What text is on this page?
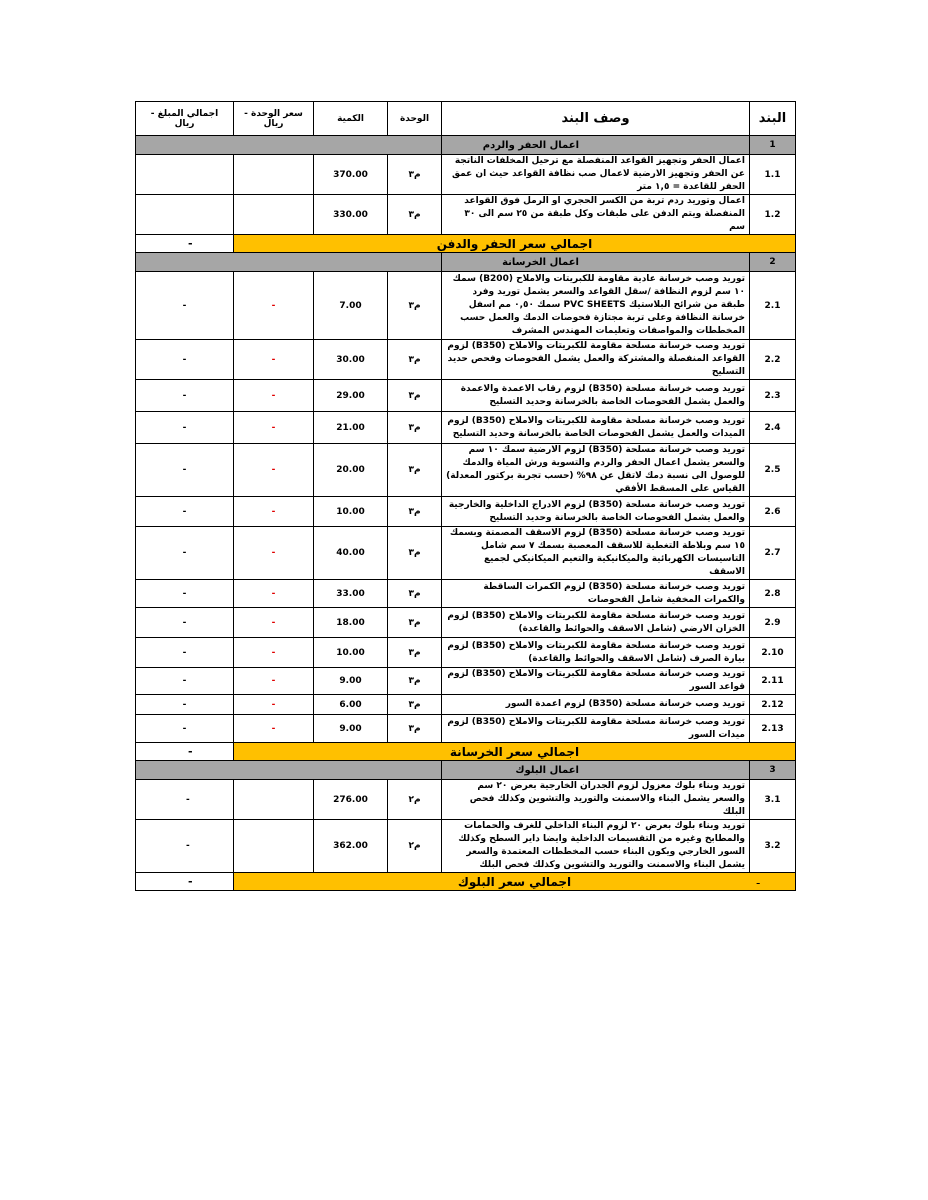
اجمالي المبلغ - ريال	سعر الوحدة - ريال	الكمية	الوحدة	وصف البند	البند
				اعمال الحفر والردم	1
		370.00	م٣	اعمال الحفر وتجهيز القواعد المنفصلة مع ترحيل المخلفات الناتجة عن الحفر وتجهيز الارضية لاعمال صب نظافة القواعد حيث ان عمق الحفر للقاعدة = ١,٥ متر	1.1
		330.00	م٣	اعمال وتوريد ردم تربة من الكسر الحجري او الرمل فوق القواعد المنفصلة ويتم الدفن على طبقات وكل طبقة من ٢٥ سم الى ٣٠ سم	1.2
-	اجمالي سعر الحفر والدفن				
				اعمال الخرسانة	2
-	-	7.00	م٣	توريد وصب خرسانة عادية مقاومة للكبريتات والاملاح (B200) سمك ١٠ سم لزوم النظافة /سقل القواعد والسعر يشمل توريد وفرد طبقة من شرائح البلاستيك PVC SHEETS سمك ٠,٥٠ مم اسفل خرسانة النظافة وعلى تربة مجتازة فحوصات الدمك والعمل حسب المخططات والمواصفات وتعليمات المهندس المشرف	2.1
-	-	30.00	م٣	توريد وصب خرسانة مسلحة مقاومة للكبريتات والاملاح (B350) لزوم القواعد المنفصلة والمشتركة والعمل يشمل الفحوصات وفحص حديد التسليح	2.2
-	-	29.00	م٣	توريد وصب خرسانة مسلحة (B350) لزوم رقاب الاعمدة والاعمدة والعمل يشمل الفحوصات الخاصة بالخرسانة وحديد التسليح	2.3
-	-	21.00	م٣	توريد وصب خرسانة مسلحة مقاومة للكبريتات والاملاح (B350) لزوم الميدات والعمل يشمل الفحوصات الخاصة بالخرسانة وحديد التسليح	2.4
-	-	20.00	م٣	توريد وصب خرسانة مسلحة (B350) لزوم الارضية سمك ١٠ سم والسعر يشمل اعمال الحفر والردم والتسوية ورش المياة والدمك للوصول الى نسبة دمك لاتقل عن ٩٨% (حسب تجربة بركتور المعدلة) القياس على المسقط الأفقي	2.5
-	-	10.00	م٣	توريد وصب خرسانة مسلحة (B350) لزوم الادراج الداخلية والخارجية والعمل يشمل الفحوصات الخاصة بالخرسانة وحديد التسليح	2.6
-	-	40.00	م٣	توريد وصب خرسانة مسلحة (B350) لزوم الاسقف المصمتة وبسمك ١٥ سم وبلاطة التغطية للاسقف المعصبة بسمك ٧ سم شامل التاسيسات الكهربائية والميكانيكية والتعيم الميكانيكي لجميع الاسقف	2.7
-	-	33.00	م٣	توريد وصب خرسانة مسلحة (B350) لزوم الكمرات الساقطة والكمرات المخفية شامل الفحوصات	2.8
-	-	18.00	م٣	توريد وصب خرسانة مسلحة مقاومة للكبريتات والاملاح (B350) لزوم الخزان الارضي (شامل الاسقف والحوائط والقاعدة)	2.9
-	-	10.00	م٣	توريد وصب خرسانة مسلحة مقاومة للكبريتات والاملاح (B350) لزوم بيارة الصرف (شامل الاسقف والحوائط والقاعدة)	2.10
-	-	9.00	م٣	توريد وصب خرسانة مسلحة مقاومة للكبريتات والاملاح (B350) لزوم قواعد السور	2.11
-	-	6.00	م٣	توريد وصب خرسانة مسلحة (B350) لزوم اعمدة السور	2.12
-	-	9.00	م٣	توريد وصب خرسانة مسلحة مقاومة للكبريتات والاملاح (B350) لزوم ميدات السور	2.13
-	اجمالي سعر الخرسانة				
				اعمال البلوك	3
-		276.00	م٢	توريد وبناء بلوك معزول لزوم الجدران الخارجية بعرض ٢٠ سم والسعر يشمل البناء والاسمنت والتوريد والتشوين وكذلك فحص البلك	3.1
-		362.00	م٢	توريد وبناء بلوك بعرض ٢٠ لزوم البناء الداخلي للغرف والحمامات والمطابخ وغيره من التقسيمات الداخلية وايضا داير السطح وكذلك السور الخارجي ويكون البناء حسب المخططات المعتمدة والسعر يشمل البناء والاسمنت والتوريد والتشوين وكذلك فحص البلك	3.2
-	اجمالي سعر البلوك					-
